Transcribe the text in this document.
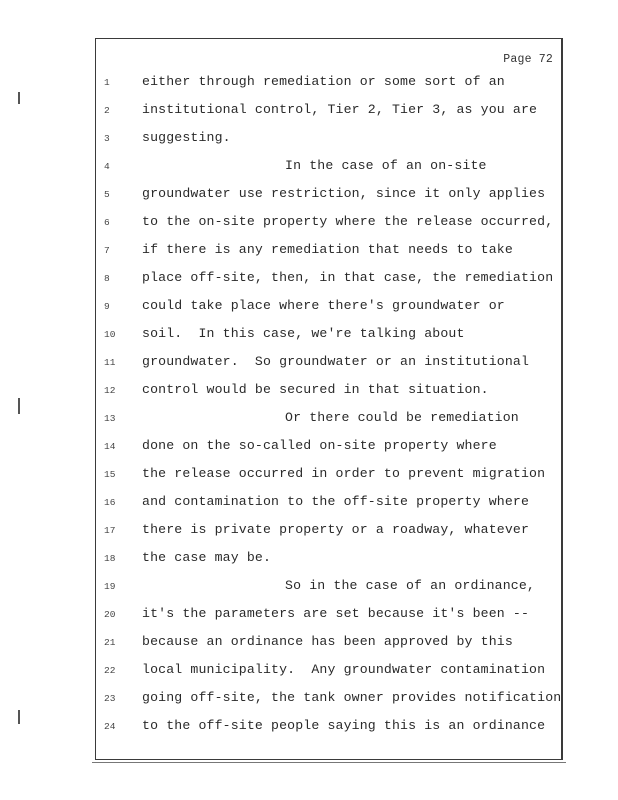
Page 72
1	either through remediation or some sort of an
2	institutional control, Tier 2, Tier 3, as you are
3	suggesting.
4	In the case of an on-site
5	groundwater use restriction, since it only applies
6	to the on-site property where the release occurred,
7	if there is any remediation that needs to take
8	place off-site, then, in that case, the remediation
9	could take place where there's groundwater or
10	soil.  In this case, we're talking about
11	groundwater.  So groundwater or an institutional
12	control would be secured in that situation.
13	Or there could be remediation
14	done on the so-called on-site property where
15	the release occurred in order to prevent migration
16	and contamination to the off-site property where
17	there is private property or a roadway, whatever
18	the case may be.
19	So in the case of an ordinance,
20	it's the parameters are set because it's been --
21	because an ordinance has been approved by this
22	local municipality.  Any groundwater contamination
23	going off-site, the tank owner provides notification
24	to the off-site people saying this is an ordinance
